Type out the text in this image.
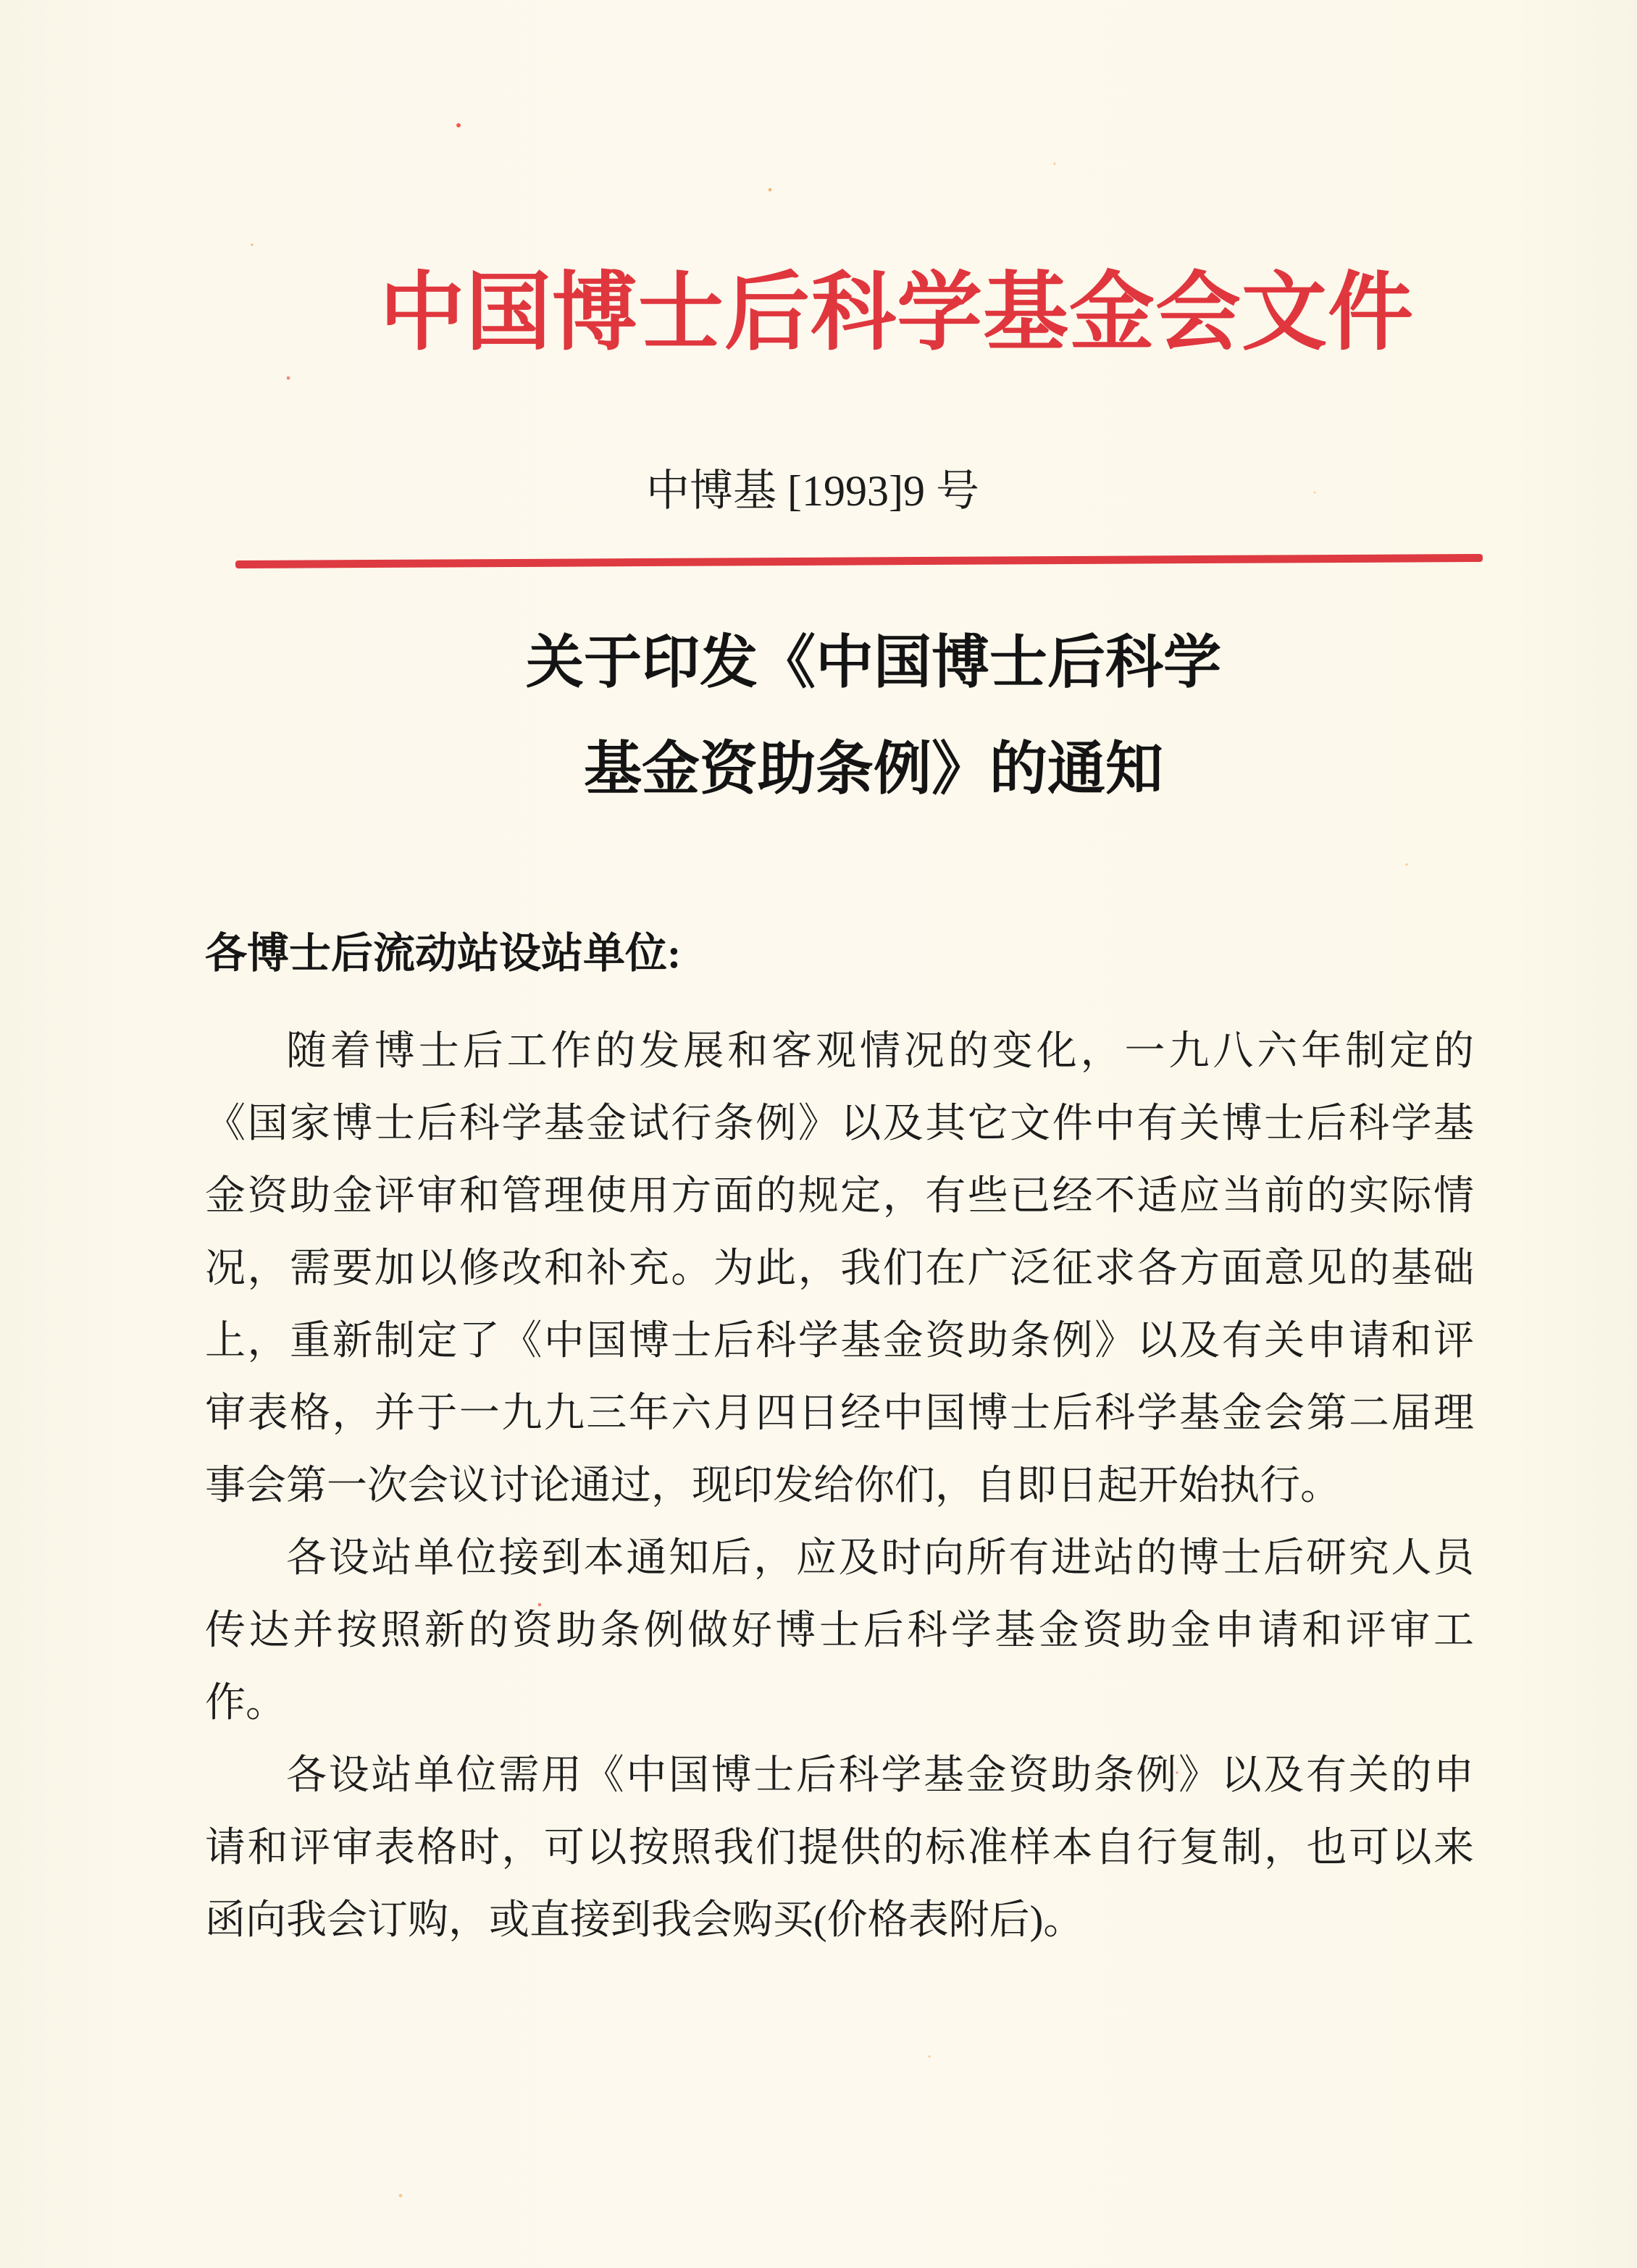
中国博士后科学基金会文件
中博基 [1993]9 号
关于印发《中国博士后科学
基金资助条例》的通知
各博士后流动站设站单位:
随着博士后工作的发展和客观情况的变化，一九八六年制定的
《国家博士后科学基金试行条例》以及其它文件中有关博士后科学基
金资助金评审和管理使用方面的规定，有些已经不适应当前的实际情
况，需要加以修改和补充。为此，我们在广泛征求各方面意见的基础
上，重新制定了《中国博士后科学基金资助条例》以及有关申请和评
审表格，并于一九九三年六月四日经中国博士后科学基金会第二届理
事会第一次会议讨论通过，现印发给你们，自即日起开始执行。
各设站单位接到本通知后，应及时向所有进站的博士后研究人员
传达并按照新的资助条例做好博士后科学基金资助金申请和评审工
作。
各设站单位需用《中国博士后科学基金资助条例》以及有关的申
请和评审表格时，可以按照我们提供的标准样本自行复制，也可以来
函向我会订购，或直接到我会购买(价格表附后)。
